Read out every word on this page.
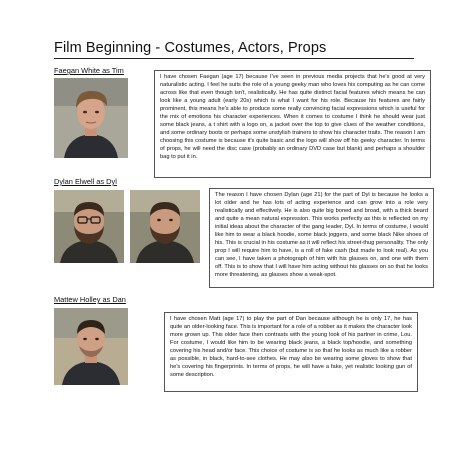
Film Beginning - Costumes, Actors, Props
Faegan White as Tim
I have chosen Faegan (age 17) because I've seen in previous media projects that he's good at very naturalistic acting. I feel he suits the role of a young geeky man who loves his computing as he can come across like that even though isn't, realistically. He has quite distinct facial features which means he can look like a young adult (early 20s) which is what I want for his role. Because his features are fairly prominent, this means he's able to produce some really convincing facial expressions which is useful for the mix of emotions his character experiences. When it comes to costume I think he should wear just some black jeans, a t shirt with a logo on, a jacket over the top to give clues of the weather conditions, and some ordinary boots or perhaps some unstylish trainers to show his character traits. The reason I am choosing this costume is because it's quite basic and the logo will show off his geeky character. In terms of props, he will need the disc case (probably an ordinary DVD case but blank) and perhaps a shoulder bag to put it in.
Dylan Elwell as Dyl
The reason I have chosen Dylan (age 21) for the part of Dyl is because he looks a lot older and he has lots of acting experience and can grow into a role very realistically and effectively. He is also quite big boned and broad, with a thick beard and quite a mean natural expression. This works perfectly as this is reflected on my initial ideas about the character of the gang leader, Dyl. In terms of costume, I would like him to wear a black hoodie, some black joggers, and some black Nike shoes of his. This is crucial in his costume as it will reflect his street-thug personality. The only prop I will require him to have, is a roll of fake cash (but made to look real). As you can see, I have taken a photograph of him with his glasses on, and one with them off. This is to show that I will have him acting without his glasses on so that he looks more threatening, as glasses show a weak-spot.
Mattew Holley as Dan
I have chosen Matt (age 17) to play the part of Dan because although he is only 17, he has quite an older-looking face. This is important for a role of a robber as it makes the character look more grown up. This older face then contrasts with the young look of his partner in crime, Lou. For costume, I would like him to be wearing black jeans, a black top/hoodie, and something covering his head and/or face. This choice of costume is so that he looks as much like a robber as possible, in black, hard-to-see clothes. He may also be wearing some gloves to show that he's covering his fingerprints. In terms of props, he will have a fake, yet realistic looking gun of some description.
